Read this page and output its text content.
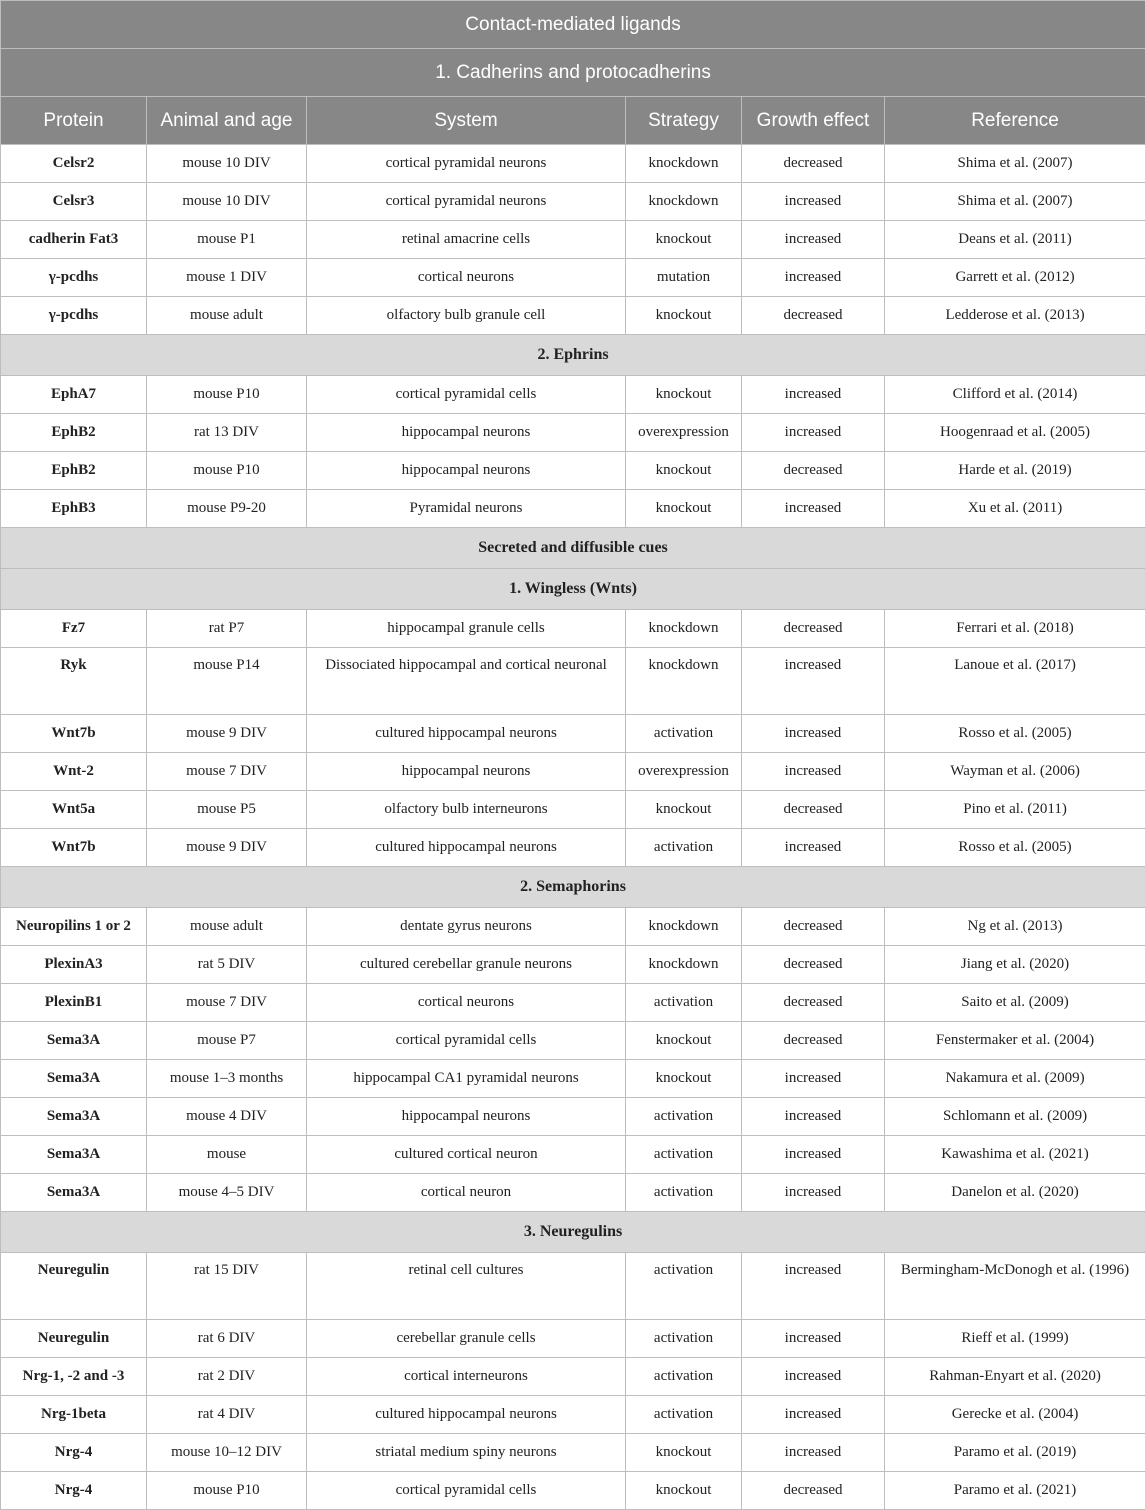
Contact-mediated ligands					
1. Cadherins and protocadherins					
Protein	Animal and age	System	Strategy	Growth effect	Reference
Celsr2	mouse 10 DIV	cortical pyramidal neurons	knockdown	decreased	Shima et al. (2007)
Celsr3	mouse 10 DIV	cortical pyramidal neurons	knockdown	increased	Shima et al. (2007)
cadherin Fat3	mouse P1	retinal amacrine cells	knockout	increased	Deans et al. (2011)
γ-pcdhs	mouse 1 DIV	cortical neurons	mutation	increased	Garrett et al. (2012)
γ-pcdhs	mouse adult	olfactory bulb granule cell	knockout	decreased	Ledderose et al. (2013)
2. Ephrins					
EphA7	mouse P10	cortical pyramidal cells	knockout	increased	Clifford et al. (2014)
EphB2	rat 13 DIV	hippocampal neurons	overexpression	increased	Hoogenraad et al. (2005)
EphB2	mouse P10	hippocampal neurons	knockout	decreased	Harde et al. (2019)
EphB3	mouse P9-20	Pyramidal neurons	knockout	increased	Xu et al. (2011)
Secreted and diffusible cues					
1. Wingless (Wnts)					
Fz7	rat P7	hippocampal granule cells	knockdown	decreased	Ferrari et al. (2018)
Ryk	mouse P14	Dissociated hippocampal and cortical neuronal	knockdown	increased	Lanoue et al. (2017)
Wnt7b	mouse 9 DIV	cultured hippocampal neurons	activation	increased	Rosso et al. (2005)
Wnt-2	mouse 7 DIV	hippocampal neurons	overexpression	increased	Wayman et al. (2006)
Wnt5a	mouse P5	olfactory bulb interneurons	knockout	decreased	Pino et al. (2011)
Wnt7b	mouse 9 DIV	cultured hippocampal neurons	activation	increased	Rosso et al. (2005)
2. Semaphorins					
Neuropilins 1 or 2	mouse adult	dentate gyrus neurons	knockdown	decreased	Ng et al. (2013)
PlexinA3	rat 5 DIV	cultured cerebellar granule neurons	knockdown	decreased	Jiang et al. (2020)
PlexinB1	mouse 7 DIV	cortical neurons	activation	decreased	Saito et al. (2009)
Sema3A	mouse P7	cortical pyramidal cells	knockout	decreased	Fenstermaker et al. (2004)
Sema3A	mouse 1–3 months	hippocampal CA1 pyramidal neurons	knockout	increased	Nakamura et al. (2009)
Sema3A	mouse 4 DIV	hippocampal neurons	activation	increased	Schlomann et al. (2009)
Sema3A	mouse	cultured cortical neuron	activation	increased	Kawashima et al. (2021)
Sema3A	mouse 4–5 DIV	cortical neuron	activation	increased	Danelon et al. (2020)
3. Neuregulins					
Neuregulin	rat 15 DIV	retinal cell cultures	activation	increased	Bermingham-McDonogh et al. (1996)
Neuregulin	rat 6 DIV	cerebellar granule cells	activation	increased	Rieff et al. (1999)
Nrg-1, -2 and -3	rat 2 DIV	cortical interneurons	activation	increased	Rahman-Enyart et al. (2020)
Nrg-1beta	rat 4 DIV	cultured hippocampal neurons	activation	increased	Gerecke et al. (2004)
Nrg-4	mouse 10–12 DIV	striatal medium spiny neurons	knockout	increased	Paramo et al. (2019)
Nrg-4	mouse P10	cortical pyramidal cells	knockout	decreased	Paramo et al. (2021)
